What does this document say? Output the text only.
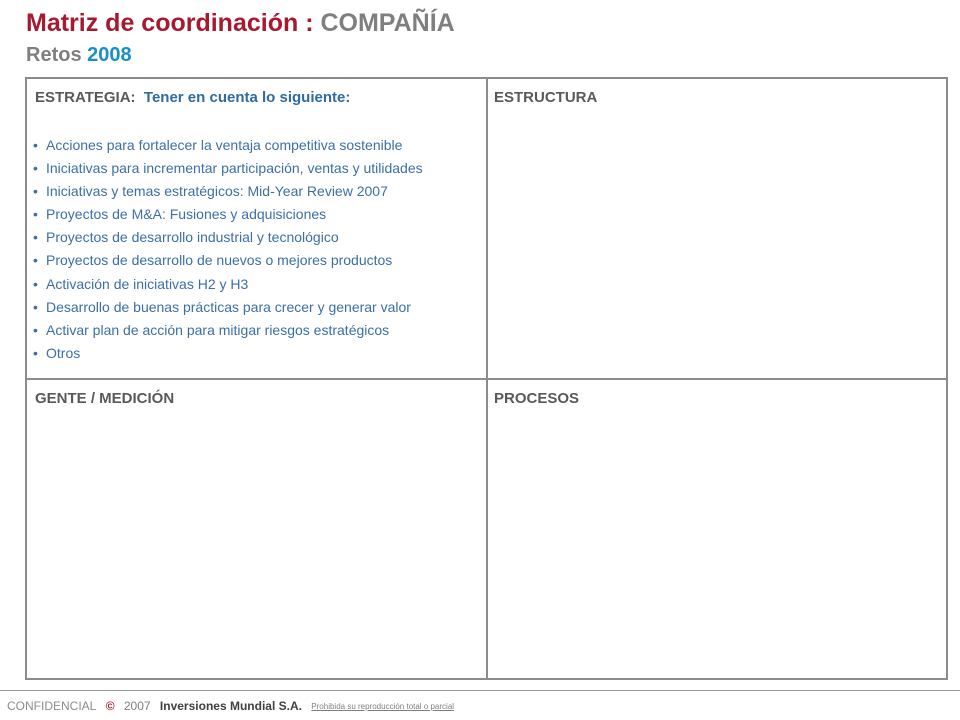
Matriz de coordinación : COMPAÑÍA
Retos 2008
ESTRATEGIA: Tener en cuenta lo siguiente:
• Acciones para fortalecer la ventaja competitiva sostenible
• Iniciativas para incrementar participación, ventas y utilidades
• Iniciativas y temas estratégicos: Mid-Year Review 2007
• Proyectos de M&A: Fusiones y adquisiciones
• Proyectos de desarrollo industrial y tecnológico
• Proyectos de desarrollo de nuevos o mejores productos
• Activación de iniciativas H2 y H3
• Desarrollo de buenas prácticas para crecer y generar valor
• Activar plan de acción para mitigar riesgos estratégicos
• Otros
ESTRUCTURA
GENTE / MEDICIÓN	PROCESOS
CONFIDENCIAL © 2007 Inversiones Mundial S.A. Prohibida su reproducción total o parcial
